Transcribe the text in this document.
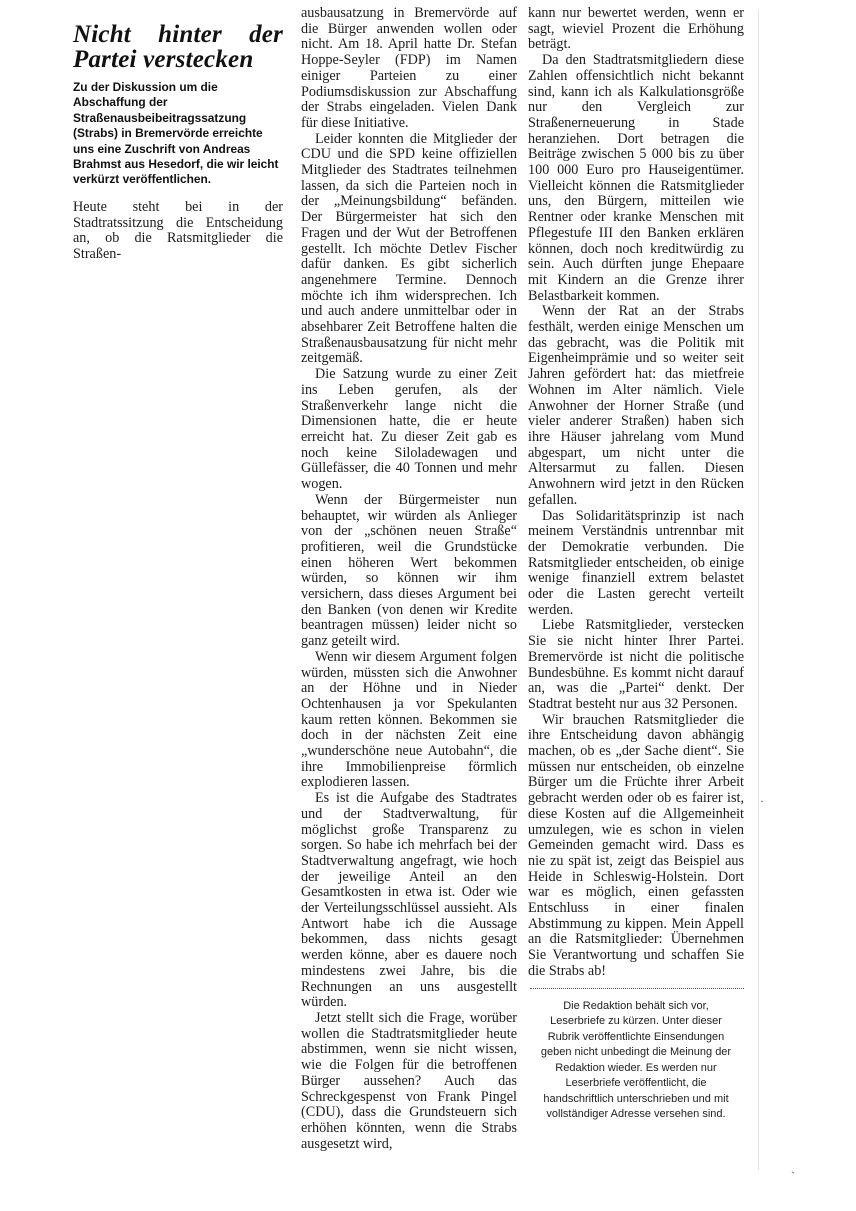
Nicht hinter der Partei verstecken
Zu der Diskussion um die Abschaffung der Straßenausbeibeitragssatzung (Strabs) in Bremervörde erreichte uns eine Zuschrift von Andreas Brahmst aus Hesedorf, die wir leicht verkürzt veröffentlichen.

Heute steht bei in der Stadtratssitzung die Entscheidung an, ob die Ratsmitglieder die Straßen-

ausbausatzung in Bremervörde auf die Bürger anwenden wollen oder nicht. Am 18. April hatte Dr. Stefan Hoppe-Seyler (FDP) im Namen einiger Parteien zu einer Podiumsdiskussion zur Abschaffung der Strabs eingeladen. Vielen Dank für diese Initiative.

Leider konnten die Mitglieder der CDU und die SPD keine offiziellen Mitglieder des Stadtrates teilnehmen lassen, da sich die Parteien noch in der „Meinungsbildung“ befänden. Der Bürgermeister hat sich den Fragen und der Wut der Betroffenen gestellt. Ich möchte Detlev Fischer dafür danken. Es gibt sicherlich angenehmere Termine. Dennoch möchte ich ihm widersprechen. Ich und auch andere unmittelbar oder in absehbarer Zeit Betroffene halten die Straßenausbausatzung für nicht mehr zeitgemäß.

Die Satzung wurde zu einer Zeit ins Leben gerufen, als der Straßenverkehr lange nicht die Dimensionen hatte, die er heute erreicht hat. Zu dieser Zeit gab es noch keine Siloladewagen und Güllefässer, die 40 Tonnen und mehr wogen.

Wenn der Bürgermeister nun behauptet, wir würden als Anlieger von der „schönen neuen Straße“ profitieren, weil die Grundstücke einen höheren Wert bekommen würden, so können wir ihm versichern, dass dieses Argument bei den Banken (von denen wir Kredite beantragen müssen) leider nicht so ganz geteilt wird.

Wenn wir diesem Argument folgen würden, müssten sich die Anwohner an der Höhne und in Nieder Ochtenhausen ja vor Spekulanten kaum retten können. Bekommen sie doch in der nächsten Zeit eine „wunderschöne neue Autobahn“, die ihre Immobilienpreise förmlich explodieren lassen.

Es ist die Aufgabe des Stadtrates und der Stadtverwaltung, für möglichst große Transparenz zu sorgen. So habe ich mehrfach bei der Stadtverwaltung angefragt, wie hoch der jeweilige Anteil an den Gesamtkosten in etwa ist. Oder wie der Verteilungsschlüssel aussieht. Als Antwort habe ich die Aussage bekommen, dass nichts gesagt werden könne, aber es dauere noch mindestens zwei Jahre, bis die Rechnungen an uns ausgestellt würden.

Jetzt stellt sich die Frage, worüber wollen die Stadtratsmitglieder heute abstimmen, wenn sie nicht wissen, wie die Folgen für die betroffenen Bürger aussehen? Auch das Schreckgespenst von Frank Pingel (CDU), dass die Grundsteuern sich erhöhen könnten, wenn die Strabs ausgesetzt wird,

kann nur bewertet werden, wenn er sagt, wieviel Prozent die Erhöhung beträgt.

Da den Stadtratsmitgliedern diese Zahlen offensichtlich nicht bekannt sind, kann ich als Kalkulationsgröße nur den Vergleich zur Straßenerneuerung in Stade heranziehen. Dort betragen die Beiträge zwischen 5 000 bis zu über 100 000 Euro pro Hauseigentümer. Vielleicht können die Ratsmitglieder uns, den Bürgern, mitteilen wie Rentner oder kranke Menschen mit Pflegestufe III den Banken erklären können, doch noch kreditwürdig zu sein. Auch dürften junge Ehepaare mit Kindern an die Grenze ihrer Belastbarkeit kommen.

Wenn der Rat an der Strabs festhält, werden einige Menschen um das gebracht, was die Politik mit Eigenheimprämie und so weiter seit Jahren gefördert hat: das mietfreie Wohnen im Alter nämlich. Viele Anwohner der Horner Straße (und vieler anderer Straßen) haben sich ihre Häuser jahrelang vom Mund abgespart, um nicht unter die Altersarmut zu fallen. Diesen Anwohnern wird jetzt in den Rücken gefallen.

Das Solidaritätsprinzip ist nach meinem Verständnis untrennbar mit der Demokratie verbunden. Die Ratsmitglieder entscheiden, ob einige wenige finanziell extrem belastet oder die Lasten gerecht verteilt werden.

Liebe Ratsmitglieder, verstecken Sie sie nicht hinter Ihrer Partei. Bremervörde ist nicht die politische Bundesbühne. Es kommt nicht darauf an, was die „Partei“ denkt. Der Stadtrat besteht nur aus 32 Personen.

Wir brauchen Ratsmitglieder die ihre Entscheidung davon abhängig machen, ob es „der Sache dient“. Sie müssen nur entscheiden, ob einzelne Bürger um die Früchte ihrer Arbeit gebracht werden oder ob es fairer ist, diese Kosten auf die Allgemeinheit umzulegen, wie es schon in vielen Gemeinden gemacht wird. Dass es nie zu spät ist, zeigt das Beispiel aus Heide in Schleswig-Holstein. Dort war es möglich, einen gefassten Entschluss in einer finalen Abstimmung zu kippen. Mein Appell an die Ratsmitglieder: Übernehmen Sie Verantwortung und schaffen Sie die Strabs ab!

Die Redaktion behält sich vor, Leserbriefe zu kürzen. Unter dieser Rubrik veröffentlichte Einsendungen geben nicht unbedingt die Meinung der Redaktion wieder. Es werden nur Leserbriefe veröffentlicht, die handschriftlich unterschrieben und mit vollständiger Adresse versehen sind.
·
ˏ
